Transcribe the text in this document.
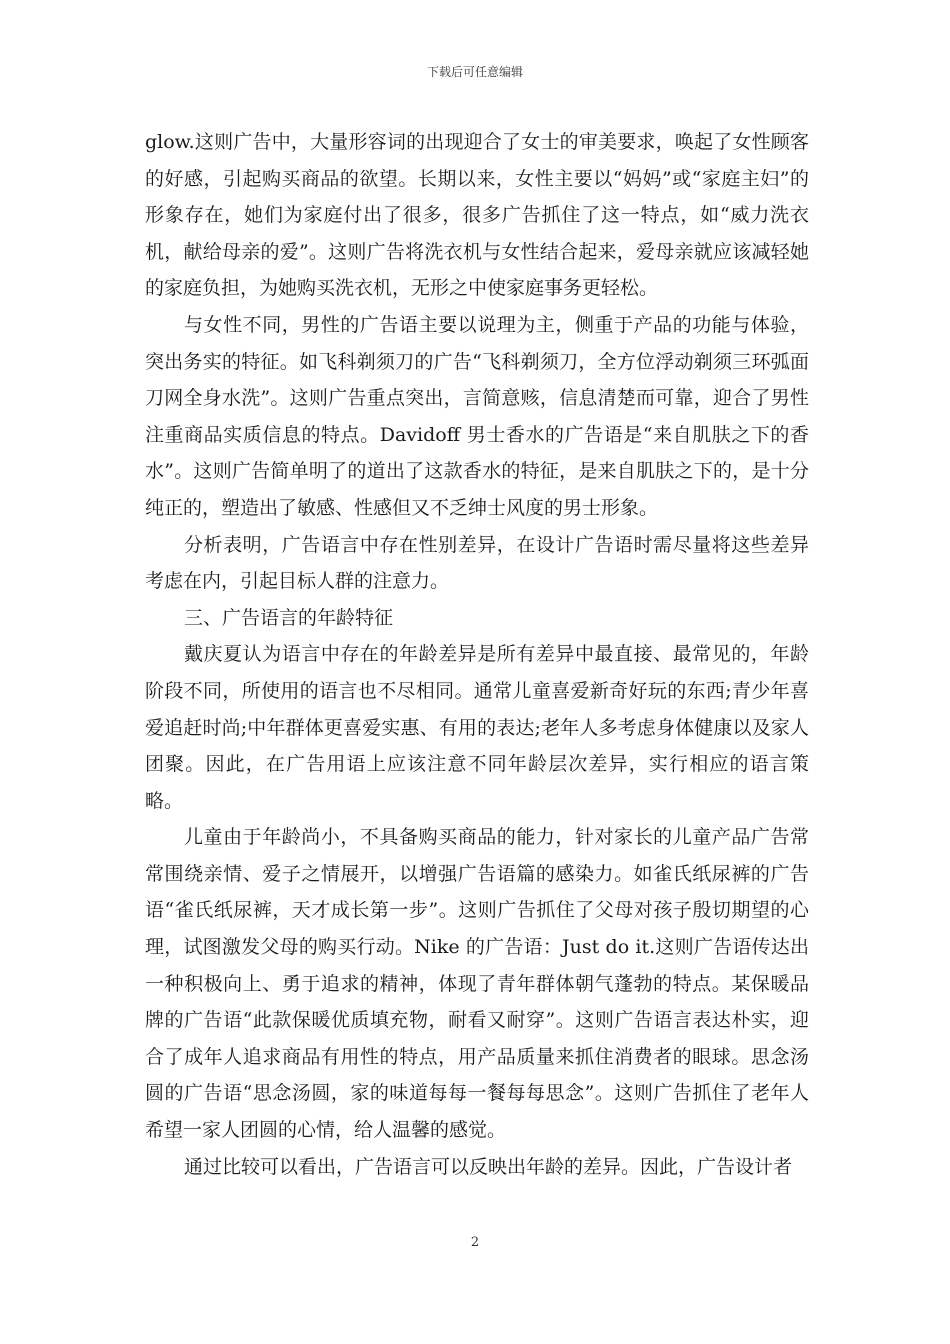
下载后可任意编辑

glow.这则广告中，大量形容词的出现迎合了女士的审美要求，唤起了女性顾客的好感，引起购买商品的欲望。长期以来，女性主要以“妈妈”或“家庭主妇”的形象存在，她们为家庭付出了很多，很多广告抓住了这一特点，如“威力洗衣机，献给母亲的爱”。这则广告将洗衣机与女性结合起来，爱母亲就应该减轻她的家庭负担，为她购买洗衣机，无形之中使家庭事务更轻松。

与女性不同，男性的广告语主要以说理为主，侧重于产品的功能与体验，突出务实的特征。如飞科剃须刀的广告“飞科剃须刀，全方位浮动剃须三环弧面刀网全身水洗”。这则广告重点突出，言简意赅，信息清楚而可靠，迎合了男性注重商品实质信息的特点。Davidoff 男士香水的广告语是“来自肌肤之下的香水”。这则广告简单明了的道出了这款香水的特征，是来自肌肤之下的，是十分纯正的，塑造出了敏感、性感但又不乏绅士风度的男士形象。

分析表明，广告语言中存在性别差异，在设计广告语时需尽量将这些差异考虑在内，引起目标人群的注意力。

三、广告语言的年龄特征

戴庆夏认为语言中存在的年龄差异是所有差异中最直接、最常见的，年龄阶段不同，所使用的语言也不尽相同。通常儿童喜爱新奇好玩的东西;青少年喜爱追赶时尚;中年群体更喜爱实惠、有用的表达;老年人多考虑身体健康以及家人团聚。因此，在广告用语上应该注意不同年龄层次差异，实行相应的语言策略。

儿童由于年龄尚小，不具备购买商品的能力，针对家长的儿童产品广告常常围绕亲情、爱子之情展开，以增强广告语篇的感染力。如雀氏纸尿裤的广告语“雀氏纸尿裤，天才成长第一步”。这则广告抓住了父母对孩子殷切期望的心理，试图激发父母的购买行动。Nike 的广告语：Just do it.这则广告语传达出一种积极向上、勇于追求的精神，体现了青年群体朝气蓬勃的特点。某保暖品牌的广告语“此款保暖优质填充物，耐看又耐穿”。这则广告语言表达朴实，迎合了成年人追求商品有用性的特点，用产品质量来抓住消费者的眼球。思念汤圆的广告语“思念汤圆，家的味道每每一餐每每思念”。这则广告抓住了老年人希望一家人团圆的心情，给人温馨的感觉。

通过比较可以看出，广告语言可以反映出年龄的差异。因此，广告设计者

2
